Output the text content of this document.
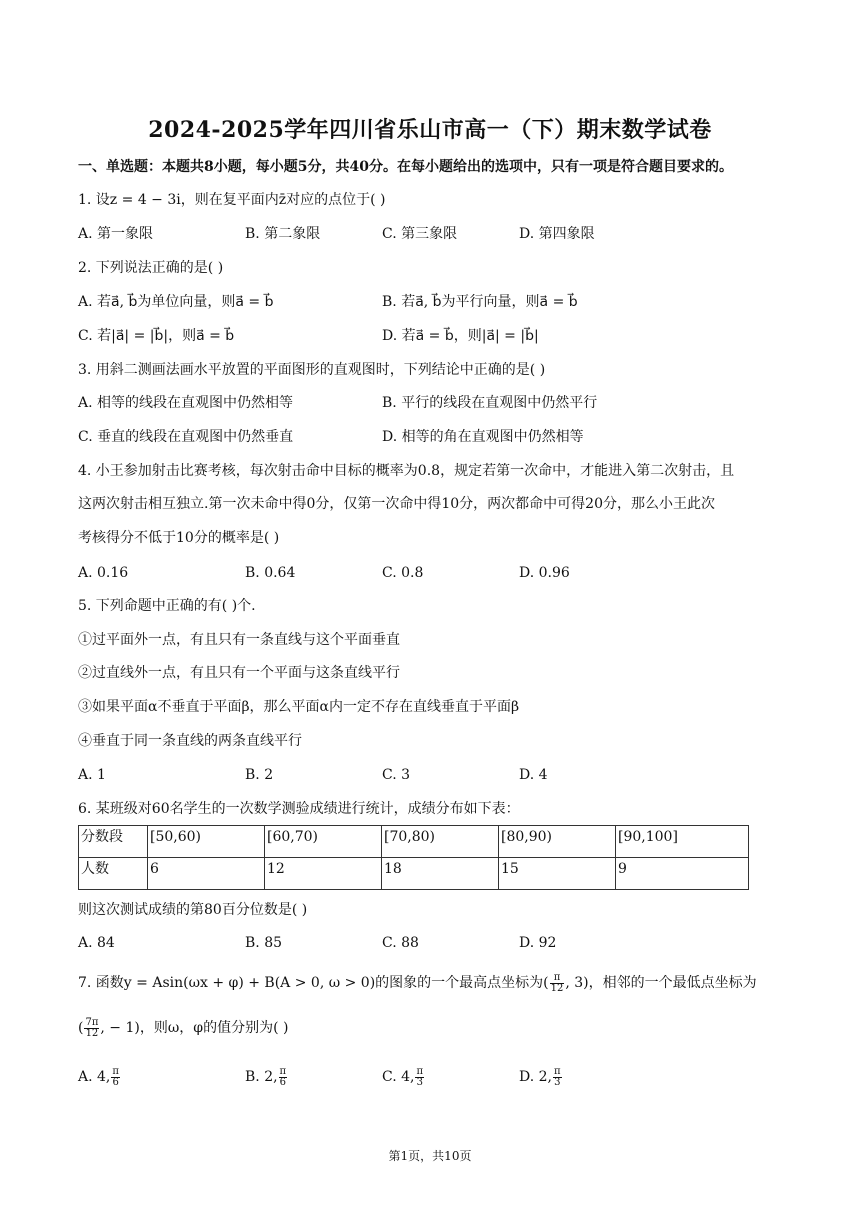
2024-2025学年四川省乐山市高一（下）期末数学试卷
一、单选题：本题共8小题，每小题5分，共40分。在每小题给出的选项中，只有一项是符合题目要求的。
1. 设z = 4 − 3i，则在复平面内z̄对应的点位于( )
A. 第一象限	B. 第二象限	C. 第三象限	D. 第四象限
2. 下列说法正确的是( )
A. 若a⃗, b⃗为单位向量，则a⃗ = b⃗	B. 若a⃗, b⃗为平行向量，则a⃗ = b⃗
C. 若|a⃗| = |b⃗|，则a⃗ = b⃗	D. 若a⃗ = b⃗，则|a⃗| = |b⃗|
3. 用斜二测画法画水平放置的平面图形的直观图时，下列结论中正确的是( )
A. 相等的线段在直观图中仍然相等	B. 平行的线段在直观图中仍然平行
C. 垂直的线段在直观图中仍然垂直	D. 相等的角在直观图中仍然相等
4. 小王参加射击比赛考核，每次射击命中目标的概率为0.8，规定若第一次命中，才能进入第二次射击，且
这两次射击相互独立.第一次未命中得0分，仅第一次命中得10分，两次都命中可得20分，那么小王此次
考核得分不低于10分的概率是( )
A. 0.16	B. 0.64	C. 0.8	D. 0.96
5. 下列命题中正确的有( )个.
①过平面外一点，有且只有一条直线与这个平面垂直
②过直线外一点，有且只有一个平面与这条直线平行
③如果平面α不垂直于平面β，那么平面α内一定不存在直线垂直于平面β
④垂直于同一条直线的两条直线平行
A. 1	B. 2	C. 3	D. 4
6. 某班级对60名学生的一次数学测验成绩进行统计，成绩分布如下表：
分数段	[50,60)	[60,70)	[70,80)	[80,90)	[90,100]
人数	6	12	18	15	9
则这次测试成绩的第80百分位数是( )
A. 84	B. 85	C. 88	D. 92
7. 函数y = Asin(ωx + φ) + B(A > 0, ω > 0)的图象的一个最高点坐标为( $\frac{\pi}{12}$ , 3)，相邻的一个最低点坐标为
( $\frac{7\pi}{12}$ , − 1)，则ω，φ的值分别为( )
A. 4, $\frac{\pi}{6}$	B. 2, $\frac{\pi}{6}$	C. 4, $\frac{\pi}{3}$	D. 2, $\frac{\pi}{3}$
第1页，共10页
